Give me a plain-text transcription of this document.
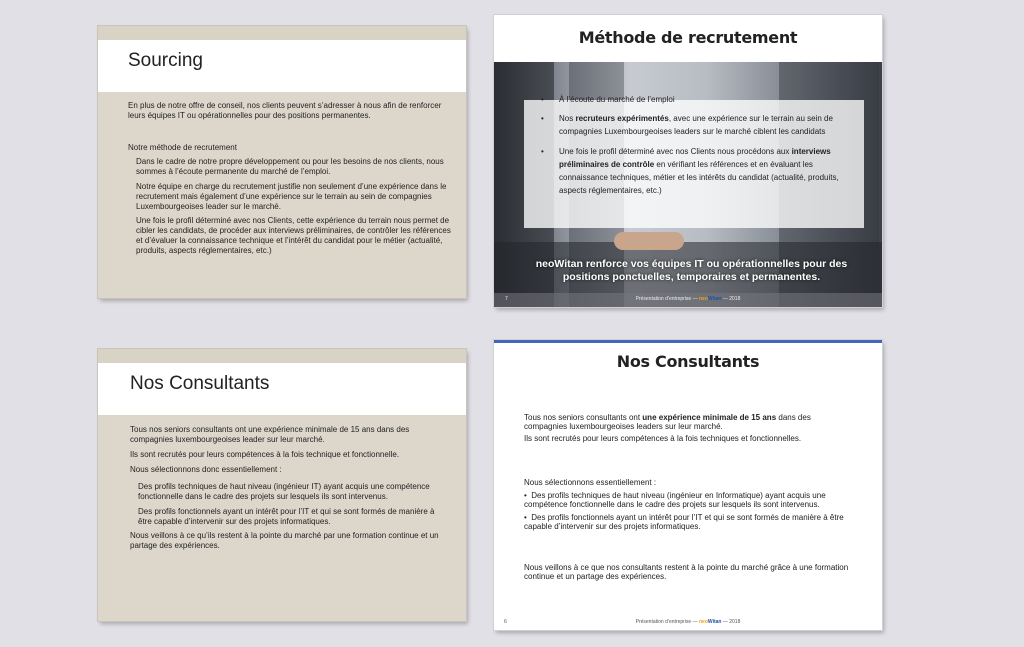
Sourcing

En plus de notre offre de conseil, nos clients peuvent s’adresser à nous afin de renforcer leurs équipes IT ou opérationnelles pour des positions permanentes.

Notre méthode de recrutement

Dans le cadre de notre propre développement ou pour les besoins de nos clients, nous sommes à l’écoute permanente du marché de l’emploi.

Notre équipe en charge du recrutement justifie non seulement d’une expérience dans le recrutement mais également d’une expérience sur le terrain au sein de compagnies Luxembourgeoises leader sur le marché.

Une fois le profil déterminé avec nos Clients, cette expérience du terrain nous permet de cibler les candidats, de procéder aux interviews préliminaires, de contrôler les références et d’évaluer la connaissance technique et l’intérêt du candidat pour le métier (actualité, produits, aspects réglementaires, etc.)

Méthode de recrutement
• À l’écoute du marché de l’emploi
• Nos recruteurs expérimentés, avec une expérience sur le terrain au sein de compagnies Luxembourgeoises leaders sur le marché ciblent les candidats
• Une fois le profil déterminé avec nos Clients nous procédons aux interviews préliminaires de contrôle en vérifiant les références et en évaluant les connaissance techniques, métier et les intérêts du candidat (actualité, produits, aspects réglementaires, etc.)
neoWitan renforce vos équipes IT ou opérationnelles pour des positions ponctuelles, temporaires et permanentes.
7	Présentation d’entreprise — neoWitan — 2018
Nos Consultants

Tous nos seniors consultants ont une expérience minimale de 15 ans dans des compagnies luxembourgeoises leader sur leur marché.

Ils sont recrutés pour leurs compétences à la fois technique et fonctionnelle.

Nous sélectionnons donc essentiellement :

Des profils techniques de haut niveau (ingénieur IT) ayant acquis une compétence fonctionnelle dans le cadre des projets sur lesquels ils sont intervenus.

Des profils fonctionnels ayant un intérêt pour l’IT et qui se sont formés de manière à être capable d’intervenir sur des projets informatiques.

Nous veillons à ce qu’ils restent à la pointe du marché par une formation continue et un partage des expériences.

Nos Consultants

Tous nos seniors consultants ont une expérience minimale de 15 ans dans des compagnies luxembourgeoises leaders sur leur marché.

Ils sont recrutés pour leurs compétences à la fois techniques et fonctionnelles.

Nous sélectionnons essentiellement :

•  Des profils techniques de haut niveau (ingénieur en Informatique) ayant acquis une compétence fonctionnelle dans le cadre des projets sur lesquels ils sont intervenus.

•  Des profils fonctionnels ayant un intérêt pour l’IT et qui se sont formés de manière à être capable d’intervenir sur des projets informatiques.

Nous veillons à ce que nos consultants restent à la pointe du marché grâce à une formation continue et un partage des expériences.

6	Présentation d’entreprise — neoWitan — 2018
